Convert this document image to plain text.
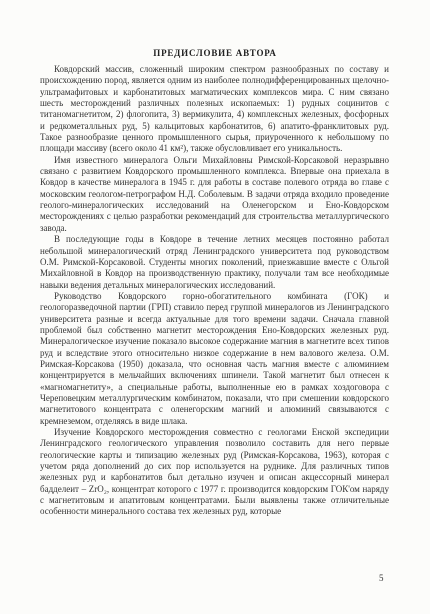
ПРЕДИСЛОВИЕ АВТОРА

Ковдорский массив, сложенный широким спектром разнообразных по составу и происхождению пород, является одним из наиболее полнодифференцированных щелочно-ультрамафитовых и карбонатитовых магматических комплексов мира. С ним связано шесть месторождений различных полезных ископаемых: 1) рудных социнитов с титаномагнетитом, 2) флогопита, 3) вермикулита, 4) комплексных железных, фосфорных и редкометалльных руд, 5) кальцитовых карбонатитов, 6) апатито-франклитовых руд. Такое разнообразие ценного промышленного сырья, приуроченного к небольшому по площади массиву (всего около 41 км²), также обусловливает его уникальность.

Имя известного минералога Ольги Михайловны Римской-Корсаковой неразрывно связано с развитием Ковдорского промышленного комплекса. Впервые она приехала в Ковдор в качестве минералога в 1945 г. для работы в составе полевого отряда во главе с московским геологом-петрографом Н.Д. Соболевым. В задачи отряда входило проведение геолого-минералогических исследований на Оленегорском и Ено-Ковдорском месторождениях с целью разработки рекомендаций для строительства металлургического завода.

В последующие годы в Ковдоре в течение летних месяцев постоянно работал небольшой минералогический отряд Ленинградского университета под руководством О.М. Римской-Корсаковой. Студенты многих поколений, приезжавшие вместе с Ольгой Михайловной в Ковдор на производственную практику, получали там все необходимые навыки ведения детальных минералогических исследований.

Руководство Ковдорского горно-обогатительного комбината (ГОК) и геологоразведочной партии (ГРП) ставило перед группой минералогов из Ленинградского университета разные и всегда актуальные для того времени задачи. Сначала главной проблемой был собственно магнетит месторождения Ено-Ковдорских железных руд. Минералогическое изучение показало высокое содержание магния в магнетите всех типов руд и вследствие этого относительно низкое содержание в нем валового железа. О.М. Римская-Корсакова (1950) доказала, что основная часть магния вместе с алюминием концентрируется в мельчайших включениях шпинели. Такой магнетит был отнесен к «магномагнетиту», а специальные работы, выполненные ею в рамках хоздоговора с Череповецким металлургическим комбинатом, показали, что при смешении ковдорского магнетитового концентрата с оленегорским магний и алюминий связываются с кремнеземом, отделяясь в виде шлака.

Изучение Ковдорского месторождения совместно с геологами Енской экспедиции Ленинградского геологического управления позволило составить для него первые геологические карты и типизацию железных руд (Римская-Корсакова, 1963), которая с учетом ряда дополнений до сих пор используется на руднике. Для различных типов железных руд и карбонатитов был детально изучен и описан акцессорный минерал бадделеит – ZrO₂, концентрат которого с 1977 г. производится ковдорским ГОК'ом наряду с магнетитовым и апатитовым концентратами. Были выявлены также отличительные особенности минерального состава тех железных руд, которые

5
